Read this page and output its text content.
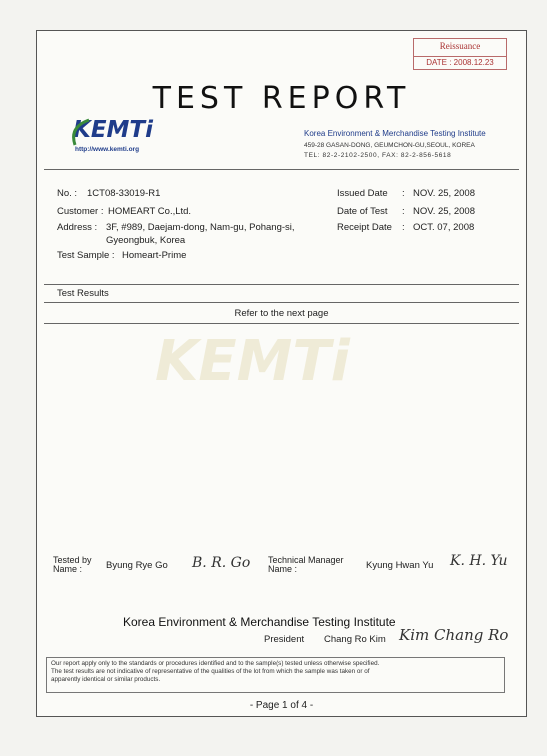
Reissuance
DATE : 2008.12.23
TEST REPORT
KEMTi
http://www.kemti.org
Korea Environment & Merchandise Testing Institute
459-28 GASAN-DONG, GEUMCHON-GU,SEOUL, KOREA
TEL: 82-2-2102-2500, FAX: 82-2-856-5618
No. : 1CT08-33019-R1
Customer : HOMEART Co.,Ltd.
Address : 3F, #989, Daejam-dong, Nam-gu, Pohang-si,
Gyeongbuk, Korea
Test Sample : Homeart-Prime
Issued Date : NOV. 25, 2008
Date of Test : NOV. 25, 2008
Receipt Date : OCT. 07, 2008
Test Results
Refer to the next page
KEMTi
Tested by
Name :	Byung Rye Go B. R. Go Technical Manager
Name :	Kyung Hwan Yu K. H. Yu
Korea Environment & Merchandise Testing Institute
President Chang Ro Kim Kim Chang Ro
Our report apply only to the standards or procedures identified and to the sample(s) tested unless otherwise specified.
The test results are not indicative of representative of the qualities of the lot from which the sample was taken or of
apparently identical or similar products.
- Page 1 of 4 -
